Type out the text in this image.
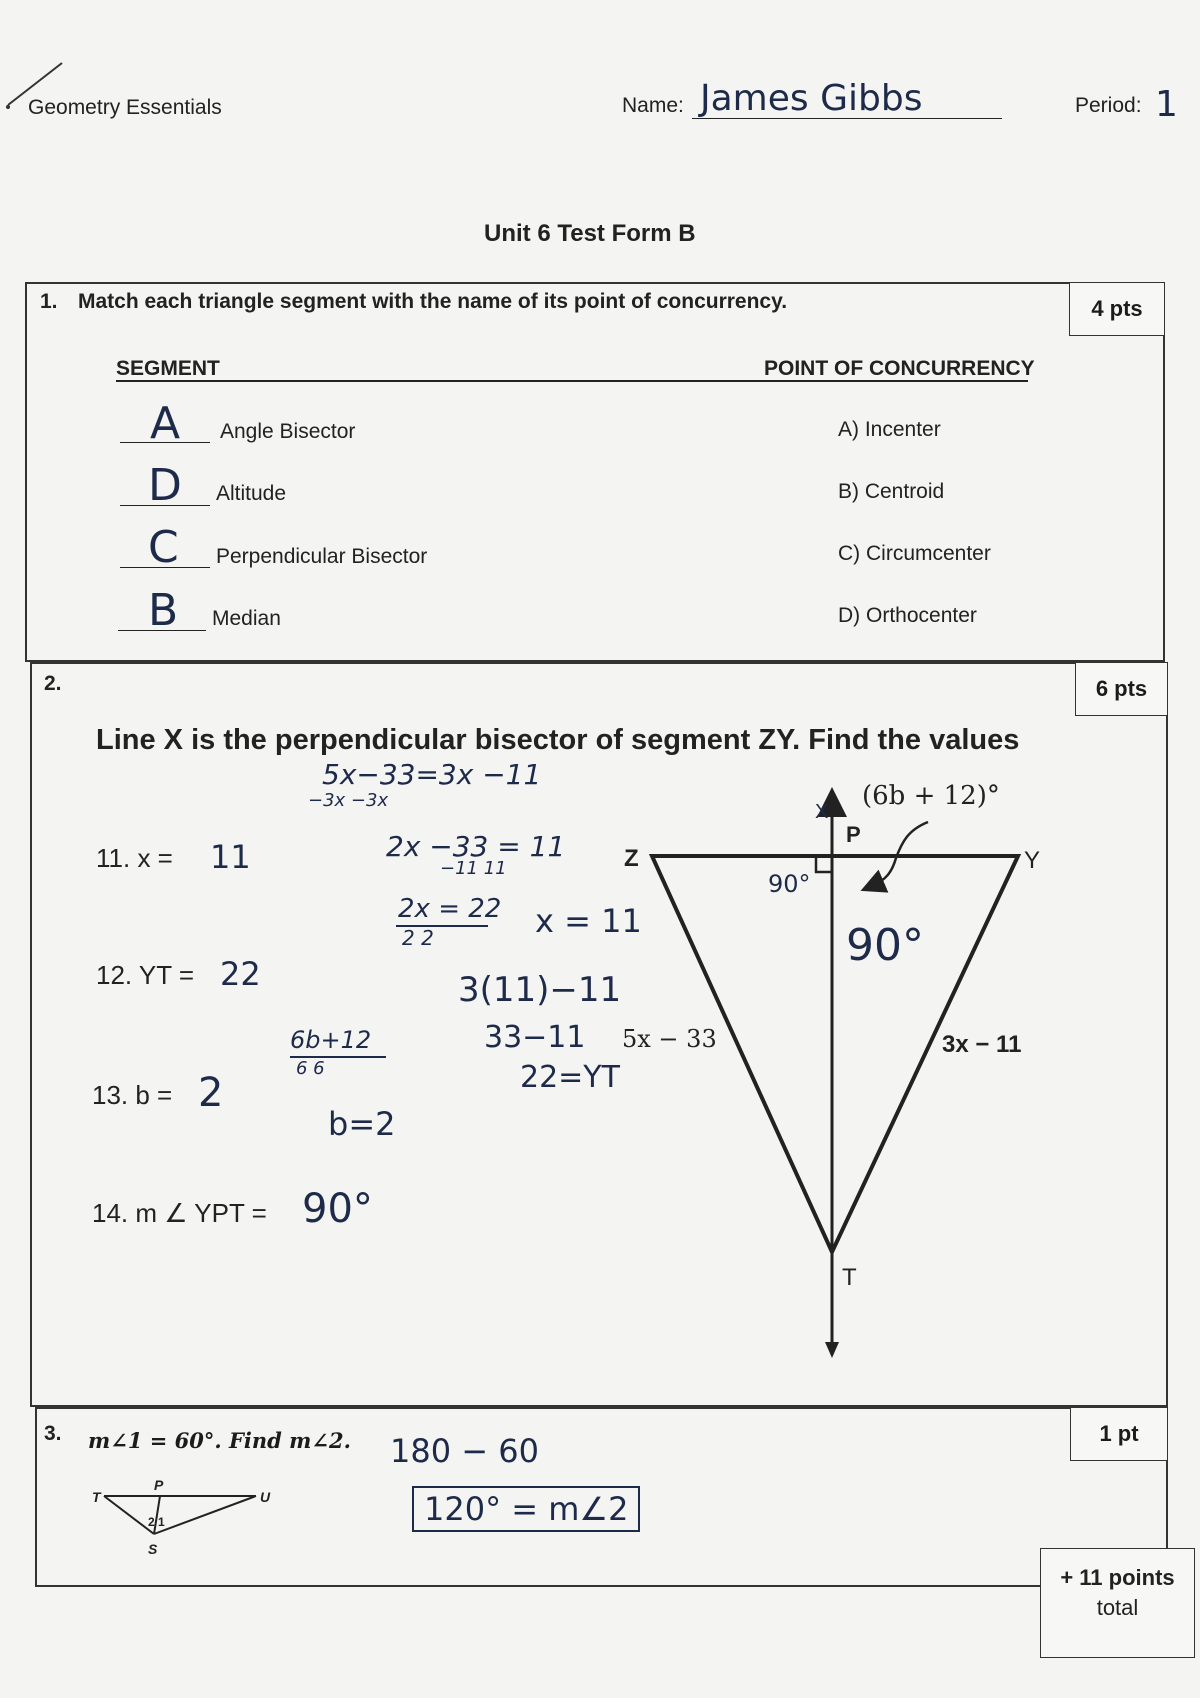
Geometry Essentials	Name: James Gibbs	Period: 1
Unit 6 Test Form B
1. Match each triangle segment with the name of its point of concurrency.	4 pts
SEGMENT	POINT OF CONCURRENCY
A Angle Bisector	A) Incenter
D Altitude	B) Centroid
C Perpendicular Bisector	C) Circumcenter
B Median	D) Orthocenter
2.	6 pts
Line X is the perpendicular bisector of segment ZY. Find the values
11. x = 11
12. YT = 22
13. b = 2
14. m ∠ YPT = 90°
5x−33=3x −11
−3x −3x
2x −33 = 11
−11 11
2x = 22
2 2	x = 11
3(11)−11
33−11
22=YT
6b+12
6 6
b=2
X
P
Z	Y
T
(6b + 12)°
5x − 33	3x − 11
90°
90°
3. m∠1 = 60°. Find m∠2.	1 pt
T
P
U
S
2 1
180 − 60
120° = m∠2
+ 11 points
total
